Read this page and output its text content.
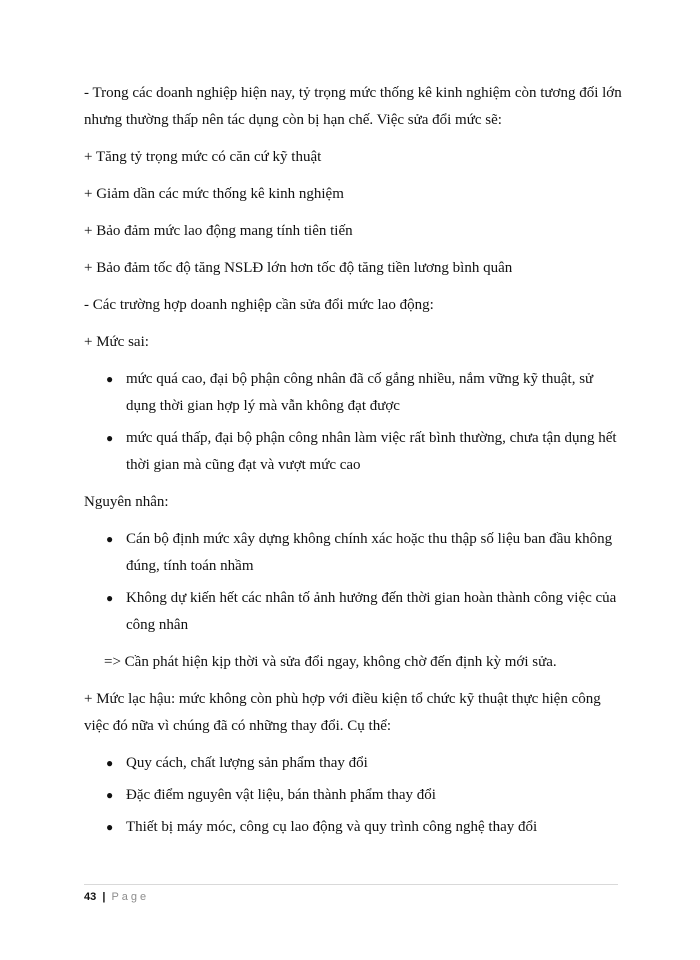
- Trong các doanh nghiệp hiện nay, tỷ trọng mức thống kê kinh nghiệm còn tương đối lớn nhưng thường thấp nên tác dụng còn bị hạn chế. Việc sửa đổi mức sẽ:

+ Tăng tỷ trọng mức có căn cứ kỹ thuật

+ Giảm dần các mức thống kê kinh nghiệm

+ Bảo đảm mức lao động mang tính tiên tiến

+ Bảo đảm tốc độ tăng NSLĐ lớn hơn tốc độ tăng tiền lương bình quân

- Các trường hợp doanh nghiệp cần sửa đổi mức lao động:

+ Mức sai:

● mức quá cao, đại bộ phận công nhân đã cố gắng nhiều, nắm vững kỹ thuật, sử dụng thời gian hợp lý mà vẫn không đạt được
● mức quá thấp, đại bộ phận công nhân làm việc rất bình thường, chưa tận dụng hết thời gian mà cũng đạt và vượt mức cao

Nguyên nhân:

● Cán bộ định mức xây dựng không chính xác hoặc thu thập số liệu ban đầu không đúng, tính toán nhầm
● Không dự kiến hết các nhân tố ảnh hưởng đến thời gian hoàn thành công việc của công nhân

=> Cần phát hiện kịp thời và sửa đổi ngay, không chờ đến định kỳ mới sửa.

+ Mức lạc hậu: mức không còn phù hợp với điều kiện tổ chức kỹ thuật thực hiện công việc đó nữa vì chúng đã có những thay đổi. Cụ thể:

● Quy cách, chất lượng sản phẩm thay đổi
● Đặc điểm nguyên vật liệu, bán thành phẩm thay đổi
● Thiết bị máy móc, công cụ lao động và quy trình công nghệ thay đổi
43 | Page
